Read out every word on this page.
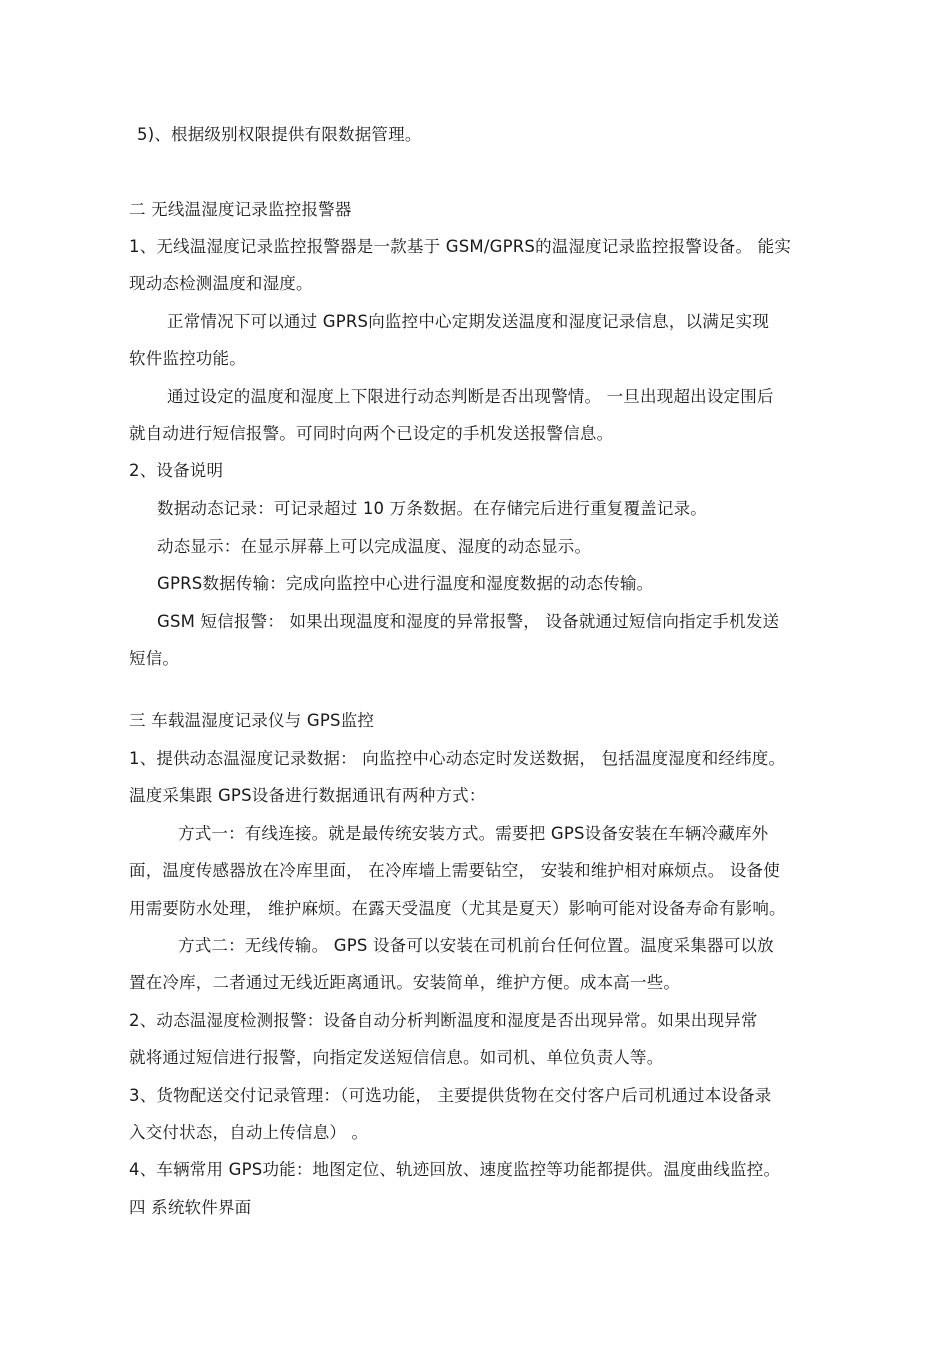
5)、根据级别权限提供有限数据管理。
二 无线温湿度记录监控报警器
1、无线温湿度记录监控报警器是一款基于 GSM/GPRS的温湿度记录监控报警设备。 能实
现动态检测温度和湿度。
正常情况下可以通过 GPRS向监控中心定期发送温度和湿度记录信息，以满足实现
软件监控功能。
通过设定的温度和湿度上下限进行动态判断是否出现警情。 一旦出现超出设定围后
就自动进行短信报警。可同时向两个已设定的手机发送报警信息。
2、设备说明
数据动态记录：可记录超过 10 万条数据。在存储完后进行重复覆盖记录。
动态显示：在显示屏幕上可以完成温度、湿度的动态显示。
GPRS数据传输：完成向监控中心进行温度和湿度数据的动态传输。
GSM 短信报警： 如果出现温度和湿度的异常报警， 设备就通过短信向指定手机发送
短信。
三 车载温湿度记录仪与 GPS监控
1、提供动态温湿度记录数据： 向监控中心动态定时发送数据， 包括温度湿度和经纬度。
温度采集跟 GPS设备进行数据通讯有两种方式：
方式一：有线连接。就是最传统安装方式。需要把 GPS设备安装在车辆冷藏库外
面，温度传感器放在冷库里面， 在冷库墙上需要钻空， 安装和维护相对麻烦点。 设备使
用需要防水处理， 维护麻烦。在露天受温度（尤其是夏天）影响可能对设备寿命有影响。
方式二：无线传输。 GPS 设备可以安装在司机前台任何位置。温度采集器可以放
置在冷库，二者通过无线近距离通讯。安装简单，维护方便。成本高一些。
2、动态温湿度检测报警：设备自动分析判断温度和湿度是否出现异常。如果出现异常
就将通过短信进行报警，向指定发送短信信息。如司机、单位负责人等。
3、货物配送交付记录管理：（可选功能， 主要提供货物在交付客户后司机通过本设备录
入交付状态，自动上传信息） 。
4、车辆常用 GPS功能：地图定位、轨迹回放、速度监控等功能都提供。温度曲线监控。
四 系统软件界面
